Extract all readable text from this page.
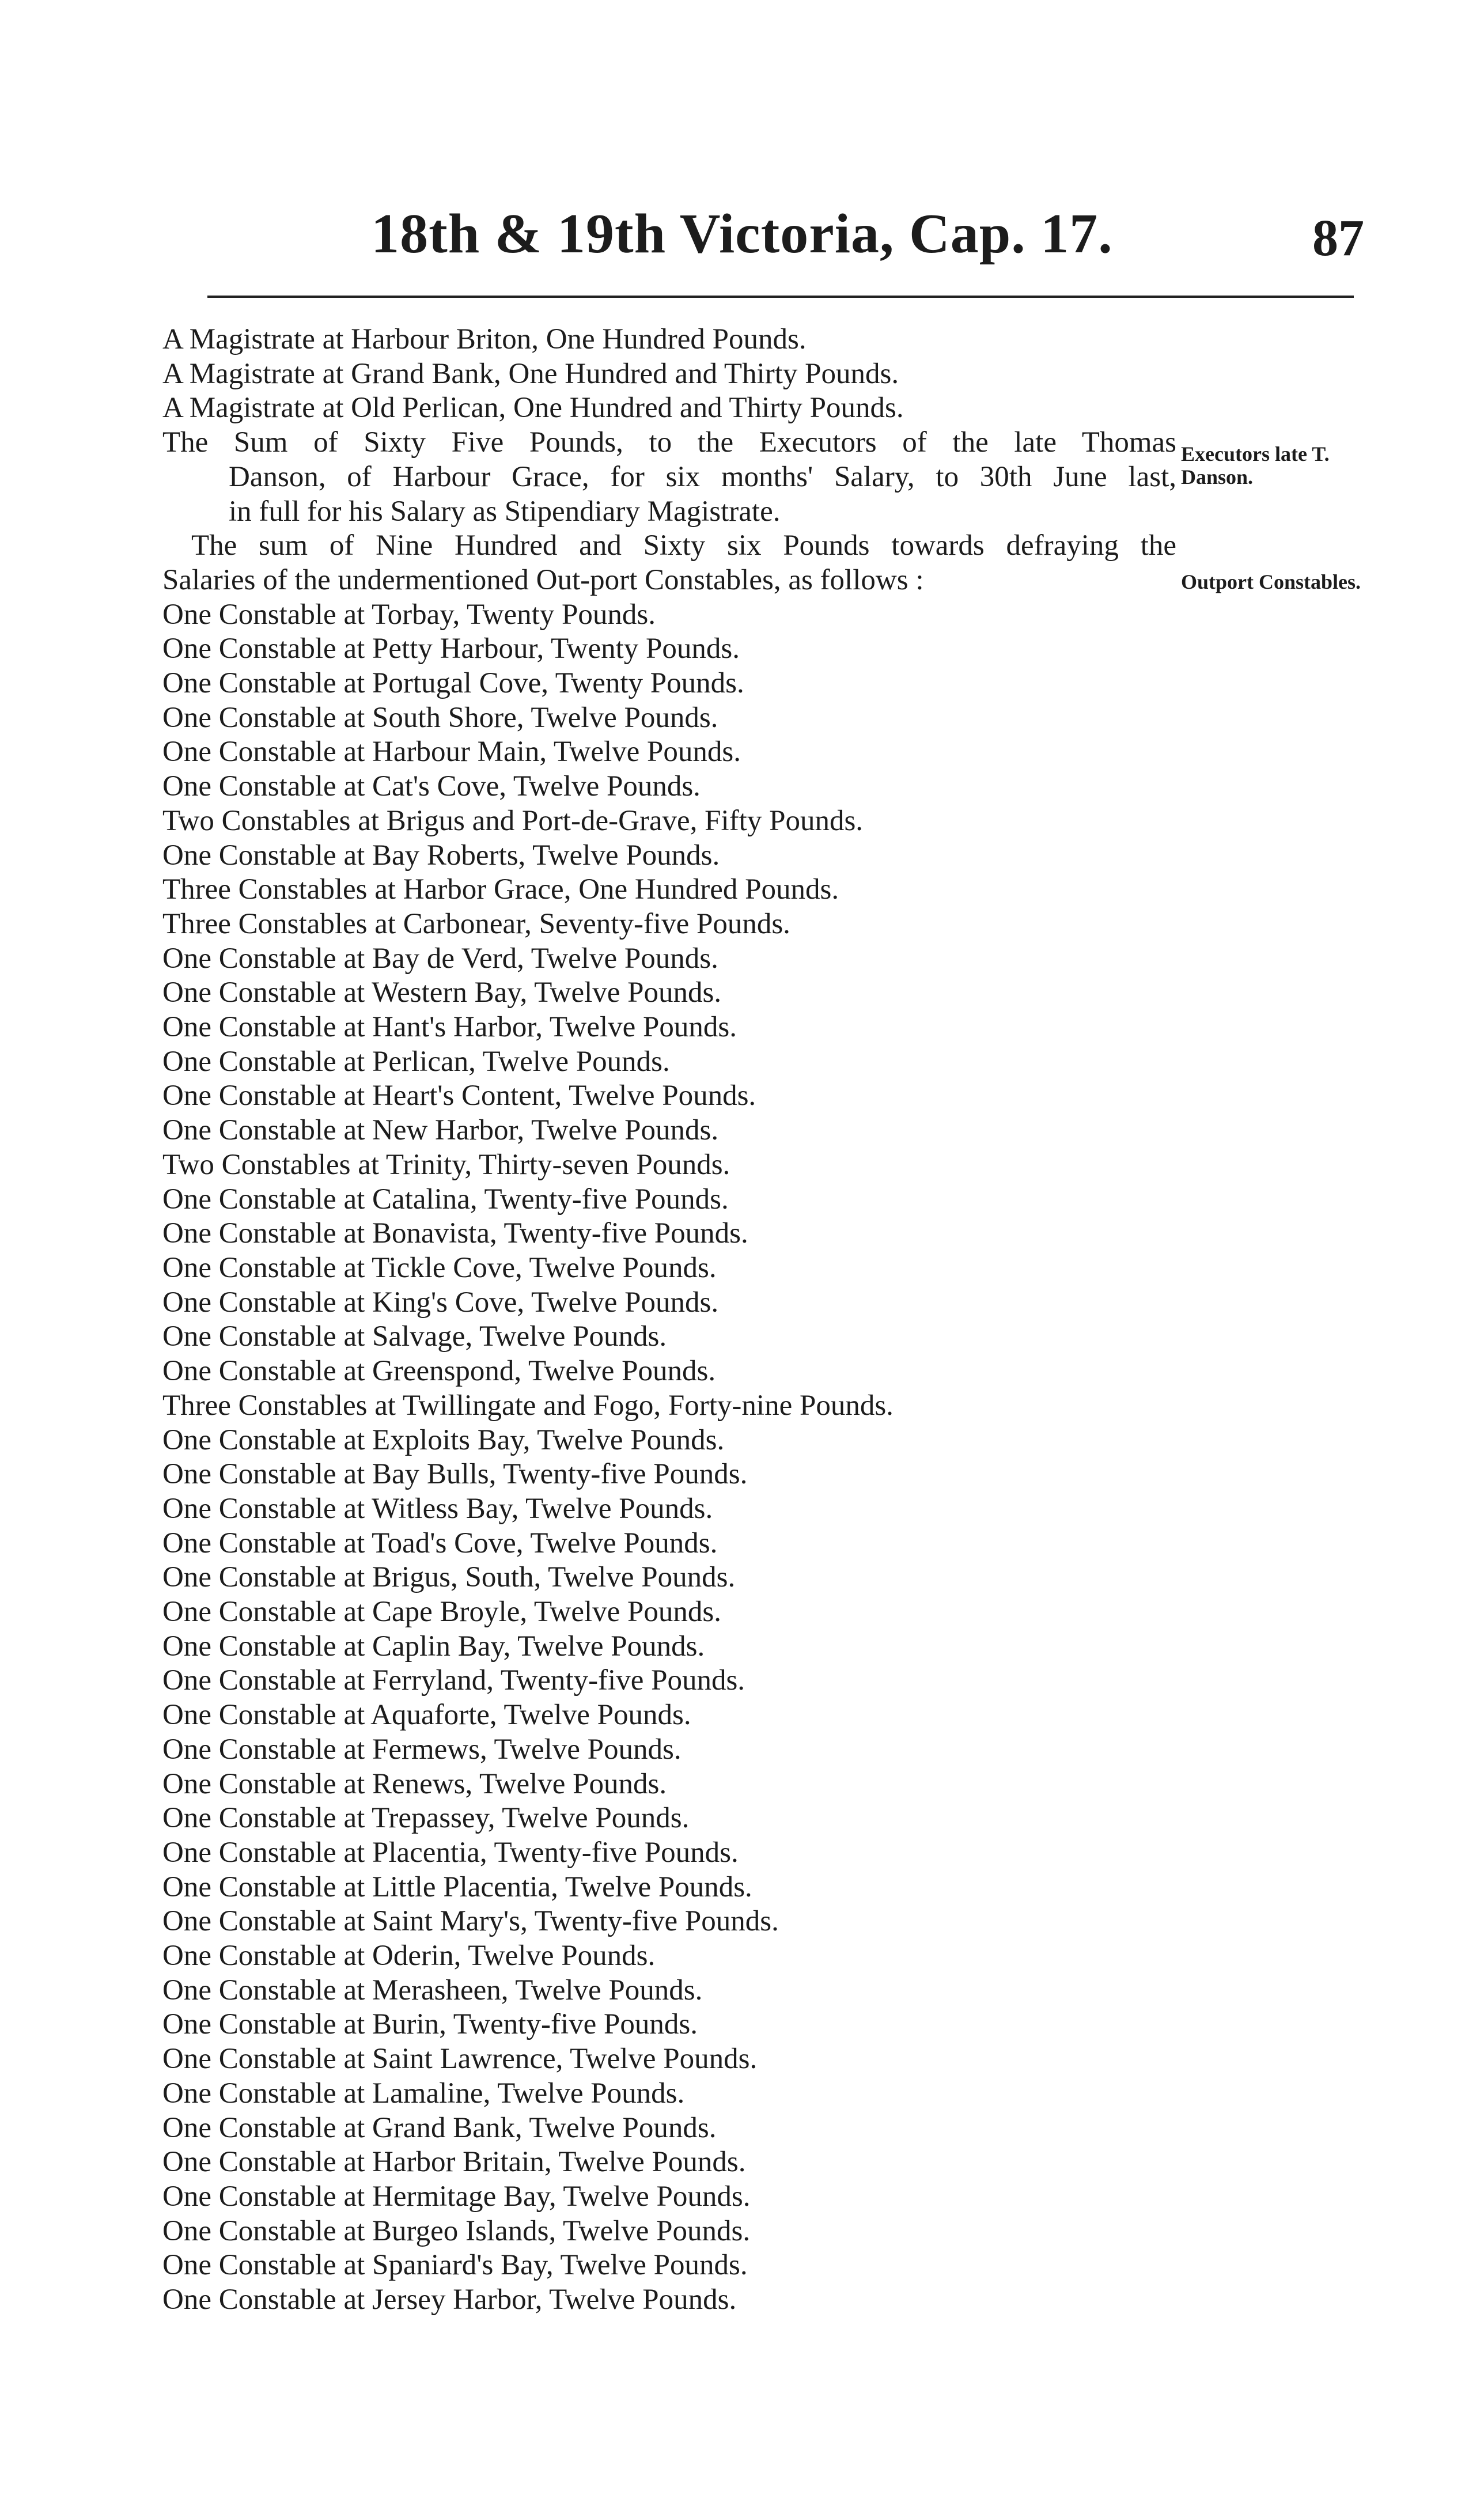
18th & 19th Victoria, Cap. 17.	87
Executors late T. Danson.
Outport Constables.
A Magistrate at Harbour Briton, One Hundred Pounds.
A Magistrate at Grand Bank, One Hundred and Thirty Pounds.
A Magistrate at Old Perlican, One Hundred and Thirty Pounds.
The Sum of Sixty Five Pounds, to the Executors of the late Thomas
Danson, of Harbour Grace, for six months' Salary, to 30th June last,
in full for his Salary as Stipendiary Magistrate.
The sum of Nine Hundred and Sixty six Pounds towards defraying the
Salaries of the undermentioned Out-port Constables, as follows :
One Constable at Torbay, Twenty Pounds.
One Constable at Petty Harbour, Twenty Pounds.
One Constable at Portugal Cove, Twenty Pounds.
One Constable at South Shore, Twelve Pounds.
One Constable at Harbour Main, Twelve Pounds.
One Constable at Cat's Cove, Twelve Pounds.
Two Constables at Brigus and Port-de-Grave, Fifty Pounds.
One Constable at Bay Roberts, Twelve Pounds.
Three Constables at Harbor Grace, One Hundred Pounds.
Three Constables at Carbonear, Seventy-five Pounds.
One Constable at Bay de Verd, Twelve Pounds.
One Constable at Western Bay, Twelve Pounds.
One Constable at Hant's Harbor, Twelve Pounds.
One Constable at Perlican, Twelve Pounds.
One Constable at Heart's Content, Twelve Pounds.
One Constable at New Harbor, Twelve Pounds.
Two Constables at Trinity, Thirty-seven Pounds.
One Constable at Catalina, Twenty-five Pounds.
One Constable at Bonavista, Twenty-five Pounds.
One Constable at Tickle Cove, Twelve Pounds.
One Constable at King's Cove, Twelve Pounds.
One Constable at Salvage, Twelve Pounds.
One Constable at Greenspond, Twelve Pounds.
Three Constables at Twillingate and Fogo, Forty-nine Pounds.
One Constable at Exploits Bay, Twelve Pounds.
One Constable at Bay Bulls, Twenty-five Pounds.
One Constable at Witless Bay, Twelve Pounds.
One Constable at Toad's Cove, Twelve Pounds.
One Constable at Brigus, South, Twelve Pounds.
One Constable at Cape Broyle, Twelve Pounds.
One Constable at Caplin Bay, Twelve Pounds.
One Constable at Ferryland, Twenty-five Pounds.
One Constable at Aquaforte, Twelve Pounds.
One Constable at Fermews, Twelve Pounds.
One Constable at Renews, Twelve Pounds.
One Constable at Trepassey, Twelve Pounds.
One Constable at Placentia, Twenty-five Pounds.
One Constable at Little Placentia, Twelve Pounds.
One Constable at Saint Mary's, Twenty-five Pounds.
One Constable at Oderin, Twelve Pounds.
One Constable at Merasheen, Twelve Pounds.
One Constable at Burin, Twenty-five Pounds.
One Constable at Saint Lawrence, Twelve Pounds.
One Constable at Lamaline, Twelve Pounds.
One Constable at Grand Bank, Twelve Pounds.
One Constable at Harbor Britain, Twelve Pounds.
One Constable at Hermitage Bay, Twelve Pounds.
One Constable at Burgeo Islands, Twelve Pounds.
One Constable at Spaniard's Bay, Twelve Pounds.
One Constable at Jersey Harbor, Twelve Pounds.
